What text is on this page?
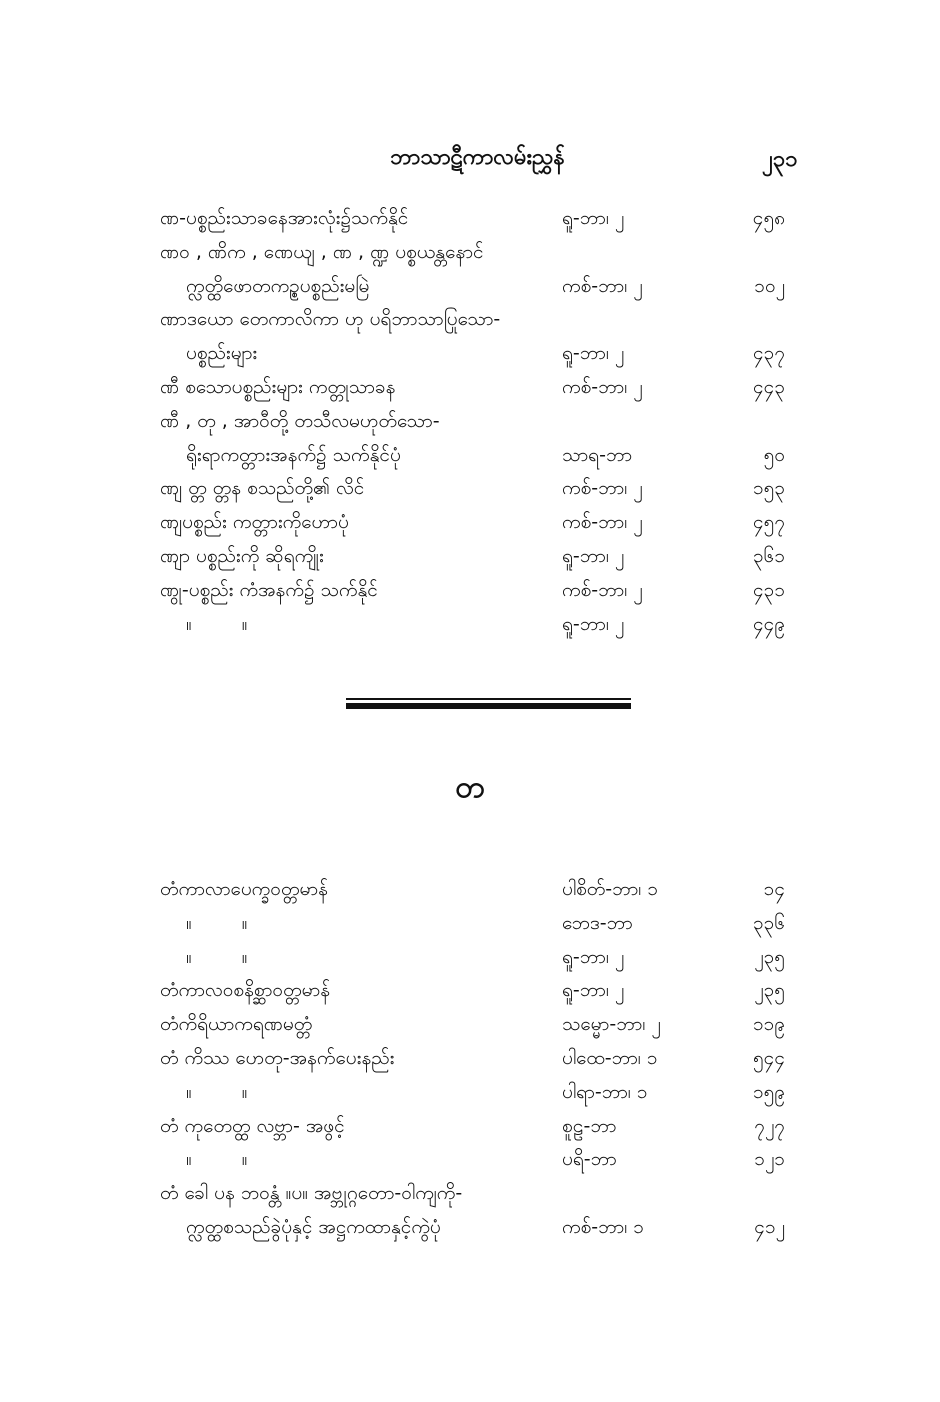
ဘာသာဋီကာလမ်းညွှန်	၂၃၁
ဏ-ပစ္စည်းသာခနေအားလုံး၌သက်နိုင်	ရူ-ဘာ၊ ၂	၄၅၈
ဏဝ , ဏိက , ဏေယျ , ဏ , ဏ္ဍ ပစ္စယန္တနောင်
က္လတ္ထိဖောတကဥ္စပစ္စည်းမမြဲ	ကစ်-ဘာ၊ ၂	၁၀၂
ဏာဒယော တေကာလိကာ ဟု ပရိဘာသာပြုသော-
ပစ္စည်းများ	ရူ-ဘာ၊ ၂	၄၃၇
ဏီ စသောပစ္စည်းများ ကတ္တုသာခန	ကစ်-ဘာ၊ ၂	၄၄၃
ဏီ , တု , အာဝီတို့ တသီလမဟုတ်သော-
ရိုးရာကတ္တားအနက်၌ သက်နိုင်ပုံ	သာရ-ဘာ	၅၀
ဏျ တ္တ တ္တန စသည်တို့၏ လိင်	ကစ်-ဘာ၊ ၂	၁၅၃
ဏျပစ္စည်း ကတ္တားကိုဟောပုံ	ကစ်-ဘာ၊ ၂	၄၅၇
ဏျာ ပစ္စည်းကို ဆိုရကျိုး	ရူ-ဘာ၊ ၂	၃၆၁
ဏွု-ပစ္စည်း ကံအနက်၌ သက်နိုင်	ကစ်-ဘာ၊ ၂	၄၃၁
။ ။	ရူ-ဘာ၊ ၂	၄၄၉
တ
တံကာလာပေက္ခဝတ္တမာန်	ပါစိတ်-ဘာ၊ ၁	၁၄
။ ။	ဘေဒ-ဘာ	၃၃၆
။ ။	ရူ-ဘာ၊ ၂	၂၃၅
တံကာလဝစနိစ္ဆာဝတ္တမာန်	ရူ-ဘာ၊ ၂	၂၃၅
တံကိရိယာကရဏမတ္တံ	သမ္မော-ဘာ၊ ၂	၁၁၉
တံ ကိဿ ဟေတု-အနက်ပေးနည်း	ပါထေ-ဘာ၊ ၁	၅၄၄
။ ။	ပါရာ-ဘာ၊ ၁	၁၅၉
တံ ကုတေတ္ထ လဗ္ဘာ- အဖွင့်	စူဠ-ဘာ	၇၂၇
။ ။	ပရိ-ဘာ	၁၂၁
တံ ခေါ ပန ဘဝန္တံ ။ပ။ အဗ္ဘုဂ္ဂတော-ဝါကျကို-
က္လတ္ထစသည်ခွဲပုံနှင့် အဋ္ဌကထာနှင့်ကွဲပုံ	ကစ်-ဘာ၊ ၁	၄၁၂
